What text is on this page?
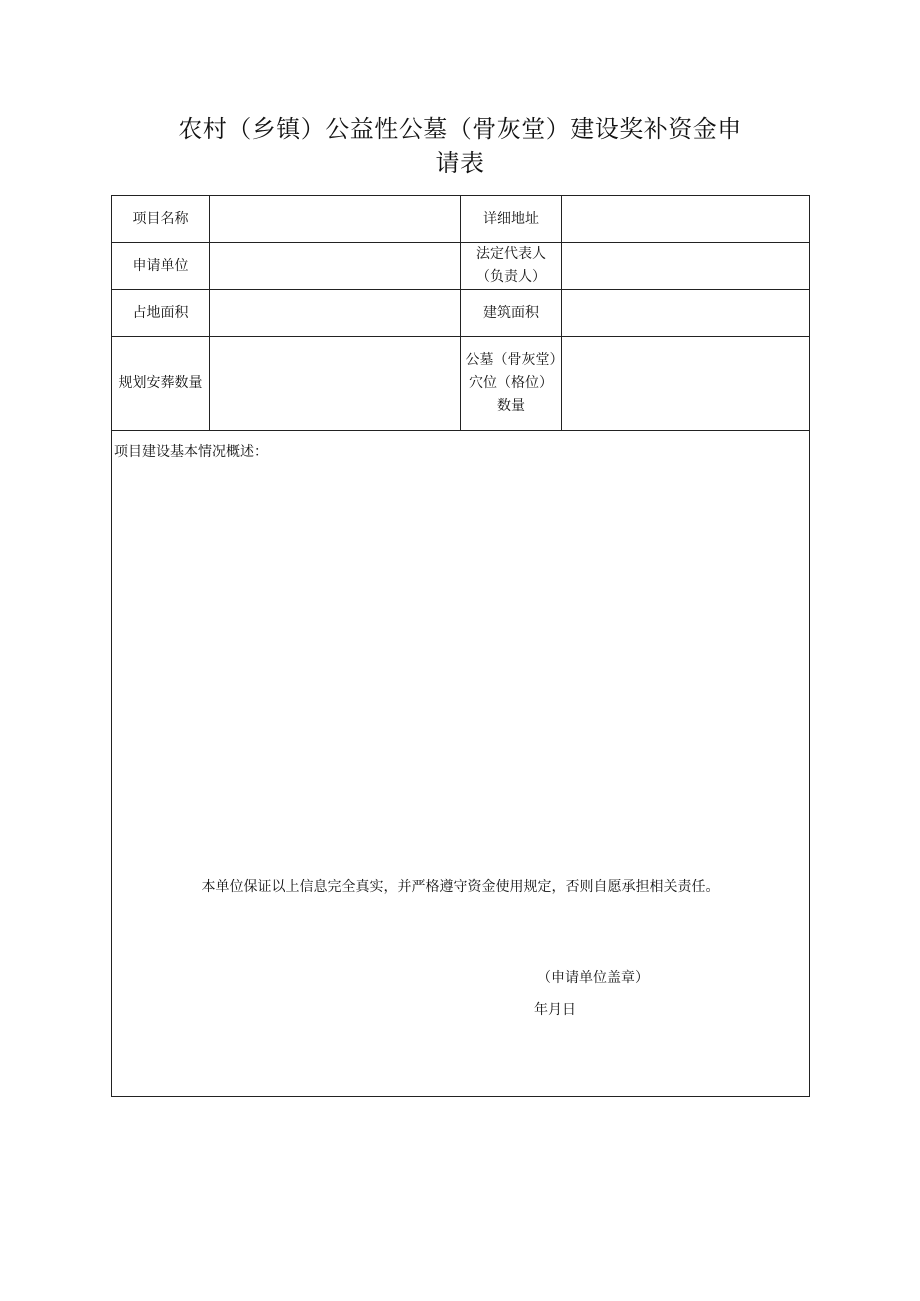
农村（乡镇）公益性公墓（骨灰堂）建设奖补资金申
请表
项目名称		详细地址	
申请单位		法定代表人（负责人）	
占地面积		建筑面积	
规划安葬数量		公墓（骨灰堂）穴位（格位）数量	

项目建设基本情况概述：
本单位保证以上信息完全真实，并严格遵守资金使用规定，否则自愿承担相关责任。
（申请单位盖章）
年月日			
